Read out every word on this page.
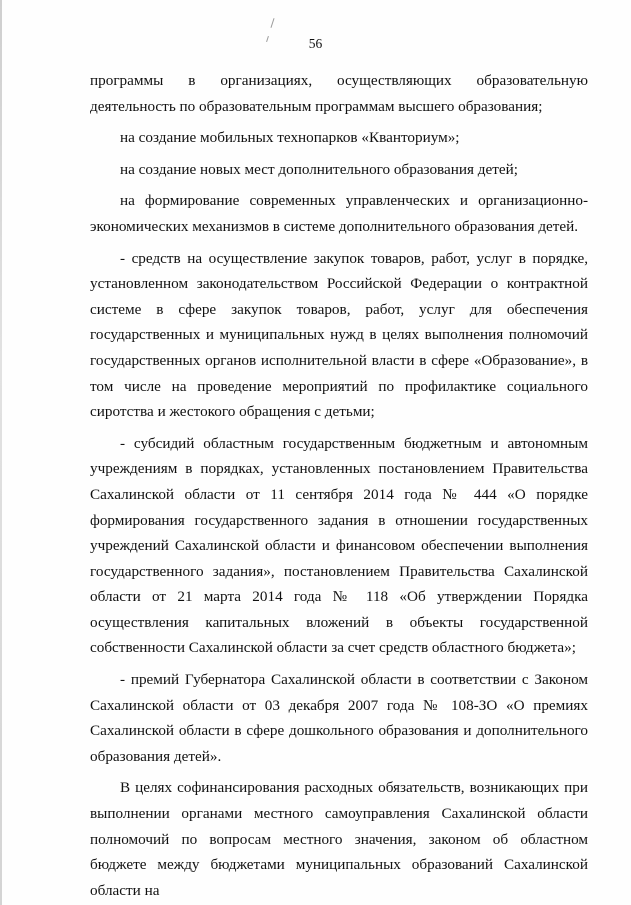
56

программы в организациях, осуществляющих образовательную деятельность по образовательным программам высшего образования;

на создание мобильных технопарков «Кванториум»;

на создание новых мест дополнительного образования детей;

на формирование современных управленческих и организационно-экономических механизмов в системе дополнительного образования детей.

- средств на осуществление закупок товаров, работ, услуг в порядке, установленном законодательством Российской Федерации о контрактной системе в сфере закупок товаров, работ, услуг для обеспечения государственных и муниципальных нужд в целях выполнения полномочий государственных органов исполнительной власти в сфере «Образование», в том числе на проведение мероприятий по профилактике социального сиротства и жестокого обращения с детьми;

- субсидий областным государственным бюджетным и автономным учреждениям в порядках, установленных постановлением Правительства Сахалинской области от 11 сентября 2014 года № 444 «О порядке формирования государственного задания в отношении государственных учреждений Сахалинской области и финансовом обеспечении выполнения государственного задания», постановлением Правительства Сахалинской области от 21 марта 2014 года № 118 «Об утверждении Порядка осуществления капитальных вложений в объекты государственной собственности Сахалинской области за счет средств областного бюджета»;

- премий Губернатора Сахалинской области в соответствии с Законом Сахалинской области от 03 декабря 2007 года № 108-ЗО «О премиях Сахалинской области в сфере дошкольного образования и дополнительного образования детей».

В целях софинансирования расходных обязательств, возникающих при выполнении органами местного самоуправления Сахалинской области полномочий по вопросам местного значения, законом об областном бюджете между бюджетами муниципальных образований Сахалинской области на
